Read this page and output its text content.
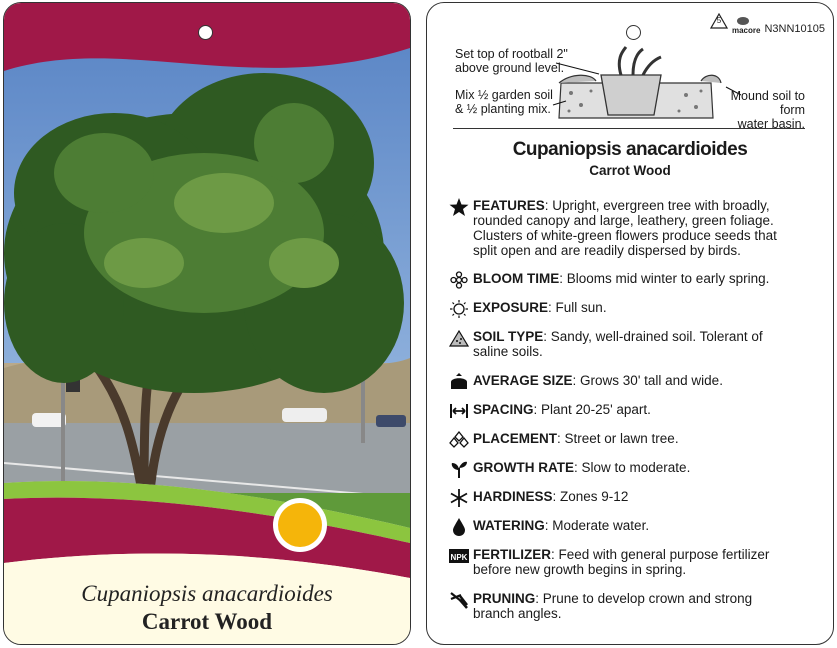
Cupaniopsis anacardioides
Carrot Wood
5
macore N3NN10105
Set top of rootball 2"
above ground level.
Mix ½ garden soil
& ½ planting mix.
Mound soil to form
water basin.
Cupaniopsis anacardioides
Carrot Wood
FEATURES: Upright, evergreen tree with broadly,
rounded canopy and large, leathery, green foliage.
Clusters of white-green flowers produce seeds that
split open and are readily dispersed by birds.
BLOOM TIME: Blooms mid winter to early spring.
EXPOSURE: Full sun.
SOIL TYPE: Sandy, well-drained soil. Tolerant of
saline soils.
AVERAGE SIZE: Grows 30' tall and wide.
SPACING: Plant 20-25' apart.
PLACEMENT: Street or lawn tree.
GROWTH RATE: Slow to moderate.
HARDINESS: Zones 9-12
WATERING: Moderate water.
NPK FERTILIZER: Feed with general purpose fertilizer
before new growth begins in spring.
PRUNING: Prune to develop crown and strong
branch angles.
